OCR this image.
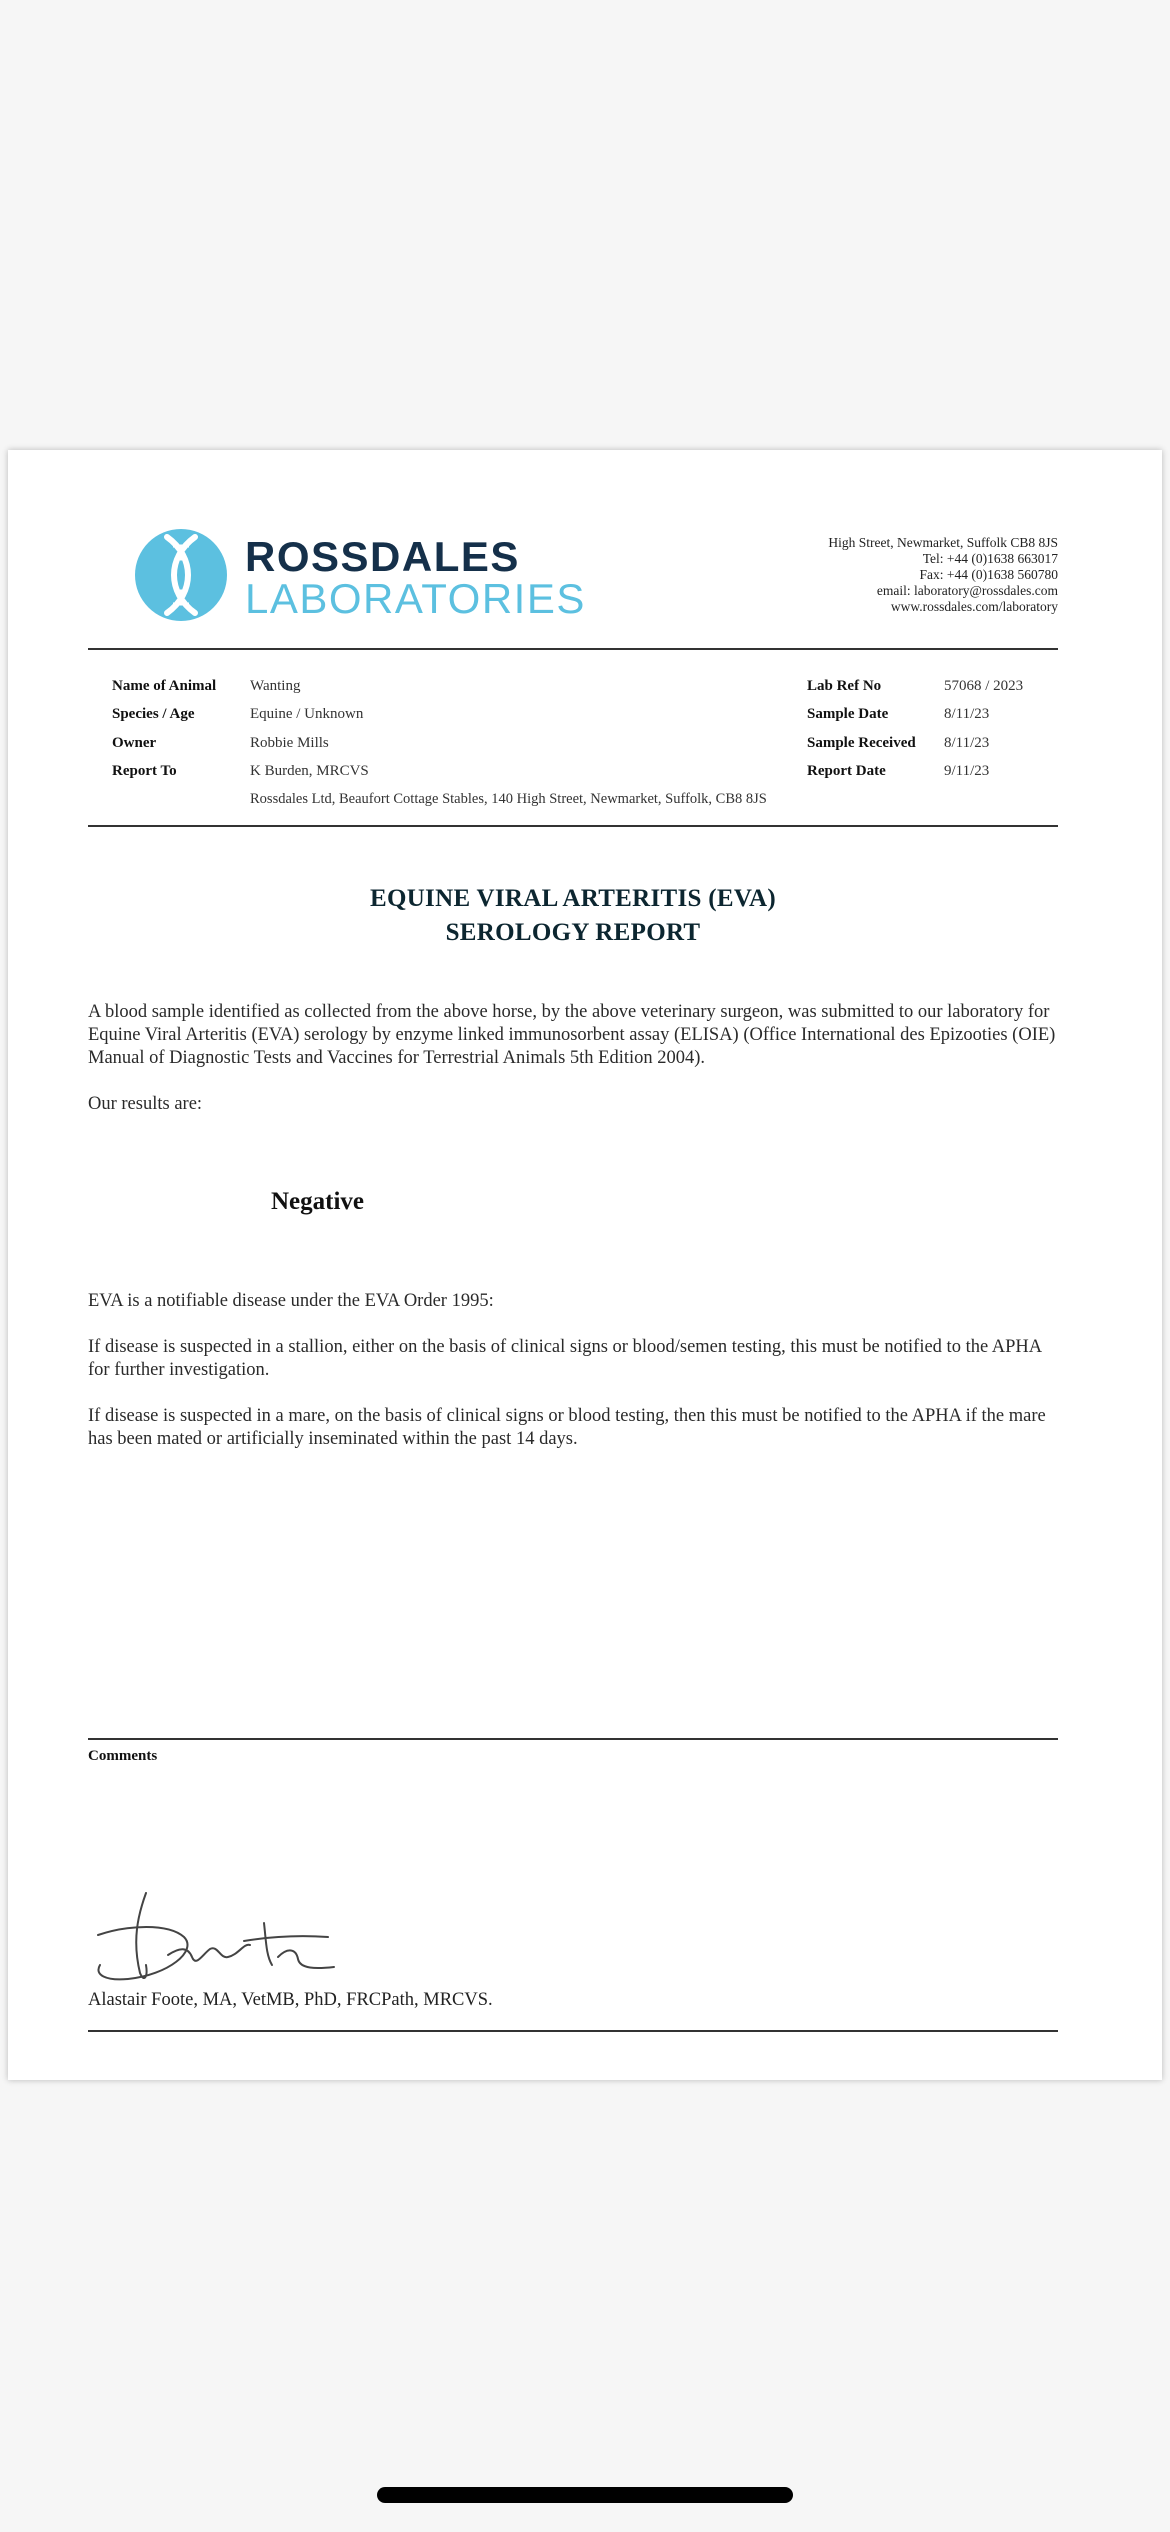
ROSSDALES
LABORATORIES
High Street, Newmarket, Suffolk CB8 8JS
Tel: +44 (0)1638 663017
Fax: +44 (0)1638 560780
email: laboratory@rossdales.com
www.rossdales.com/laboratory
Name of Animal Wanting
Species / Age	Equine / Unknown
Owner	Robbie Mills
Report To	K Burden, MRCVS
Rossdales Ltd, Beaufort Cottage Stables, 140 High Street, Newmarket, Suffolk, CB8 8JS
Lab Ref No	57068 / 2023
Sample Date	8/11/23
Sample Received 8/11/23
Report Date	9/11/23
EQUINE VIRAL ARTERITIS (EVA)
SEROLOGY REPORT
A blood sample identified as collected from the above horse, by the above veterinary surgeon, was submitted to our laboratory for Equine Viral Arteritis (EVA) serology by enzyme linked immunosorbent assay (ELISA) (Office International des Epizooties (OIE) Manual of Diagnostic Tests and Vaccines for Terrestrial Animals 5th Edition 2004).
Our results are:
Negative
EVA is a notifiable disease under the EVA Order 1995:
If disease is suspected in a stallion, either on the basis of clinical signs or blood/semen testing, this must be notified to the APHA for further investigation.
If disease is suspected in a mare, on the basis of clinical signs or blood testing, then this must be notified to the APHA if the mare has been mated or artificially inseminated within the past 14 days.
Comments
Alastair Foote, MA, VetMB, PhD, FRCPath, MRCVS.
